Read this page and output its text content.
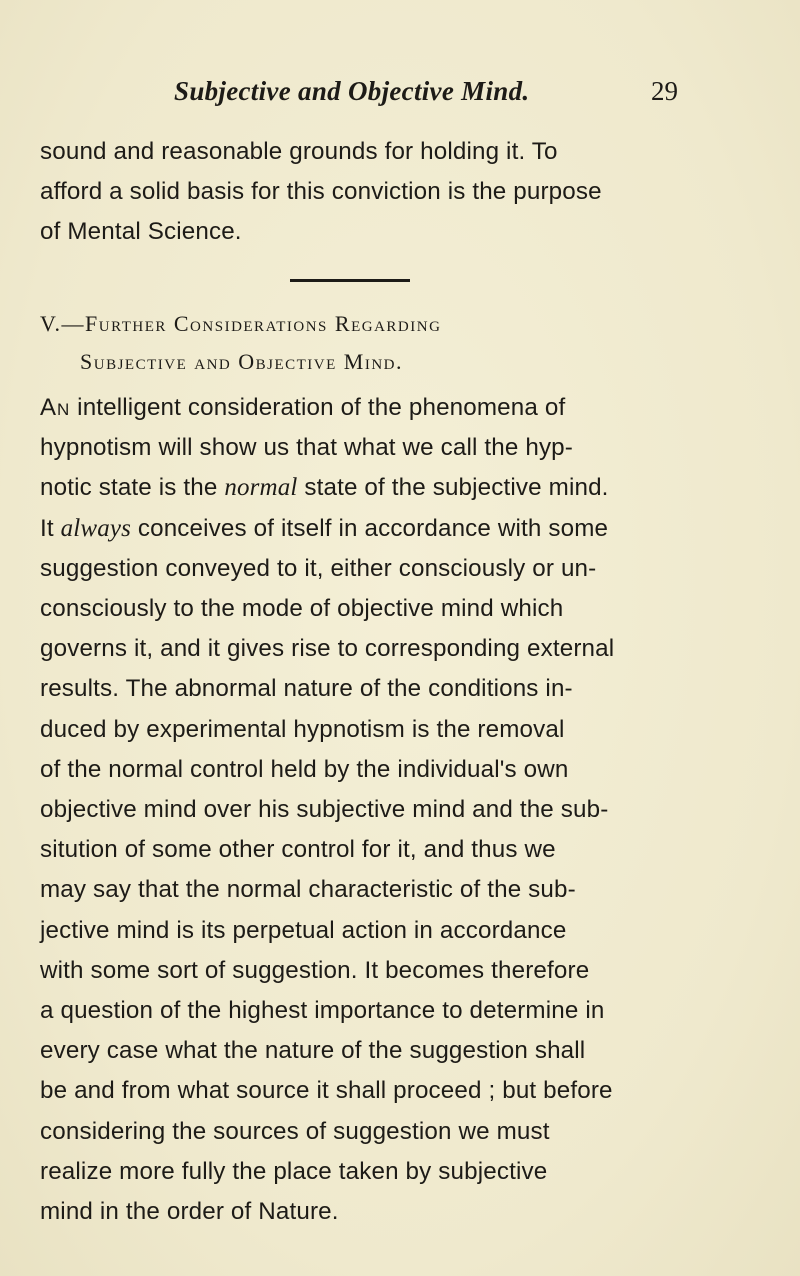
Subjective and Objective Mind.	29
sound and reasonable grounds for holding it. To
afford a solid basis for this conviction is the purpose
of Mental Science.
V.—Further Considerations Regarding
Subjective and Objective Mind.
An intelligent consideration of the phenomena of
hypnotism will show us that what we call the hyp-
notic state is the normal state of the subjective mind.
It always conceives of itself in accordance with some
suggestion conveyed to it, either consciously or un-
consciously to the mode of objective mind which
governs it, and it gives rise to corresponding external
results. The abnormal nature of the conditions in-
duced by experimental hypnotism is the removal
of the normal control held by the individual's own
objective mind over his subjective mind and the sub-
sitution of some other control for it, and thus we
may say that the normal characteristic of the sub-
jective mind is its perpetual action in accordance
with some sort of suggestion. It becomes therefore
a question of the highest importance to determine in
every case what the nature of the suggestion shall
be and from what source it shall proceed ; but before
considering the sources of suggestion we must
realize more fully the place taken by subjective
mind in the order of Nature.
